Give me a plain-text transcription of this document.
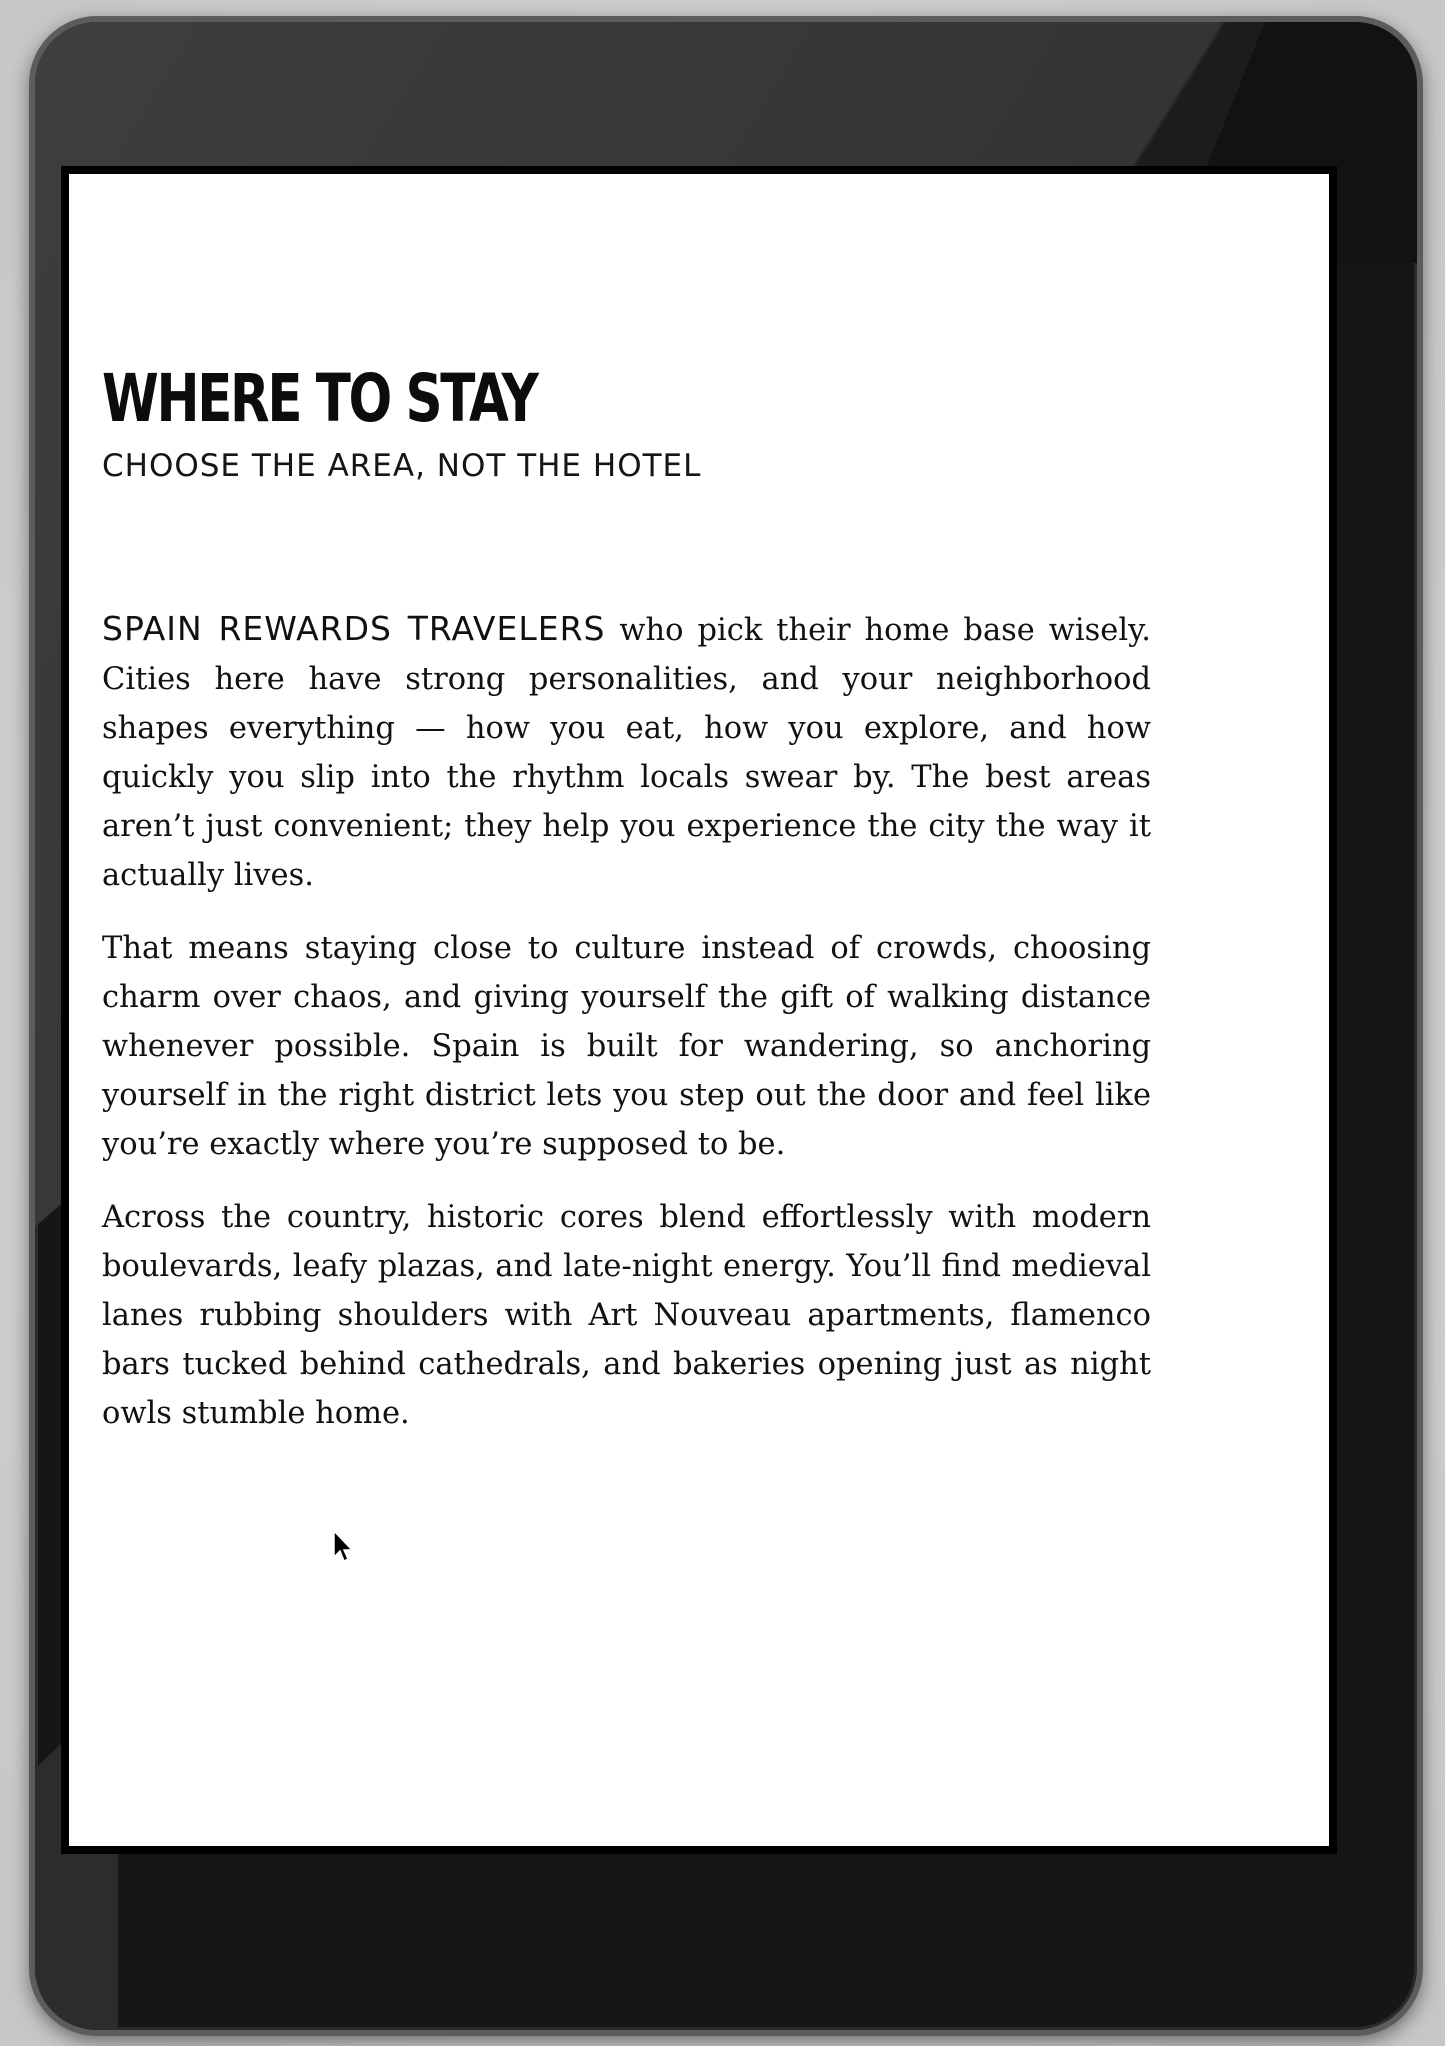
WHERE TO STAY
CHOOSE THE AREA, NOT THE HOTEL

SPAIN REWARDS TRAVELERS who pick their home base wisely. Cities here have strong personalities, and your neighborhood shapes everything — how you eat, how you explore, and how quickly you slip into the rhythm locals swear by. The best areas aren’t just convenient; they help you experience the city the way it actually lives.

That means staying close to culture instead of crowds, choosing charm over chaos, and giving yourself the gift of walking distance whenever possible. Spain is built for wandering, so anchoring yourself in the right district lets you step out the door and feel like you’re exactly where you’re supposed to be.

Across the country, historic cores blend effortlessly with modern boulevards, leafy plazas, and late-night energy. You’ll find medieval lanes rubbing shoulders with Art Nouveau apartments, flamenco bars tucked behind cathedrals, and bakeries opening just as night owls stumble home.
